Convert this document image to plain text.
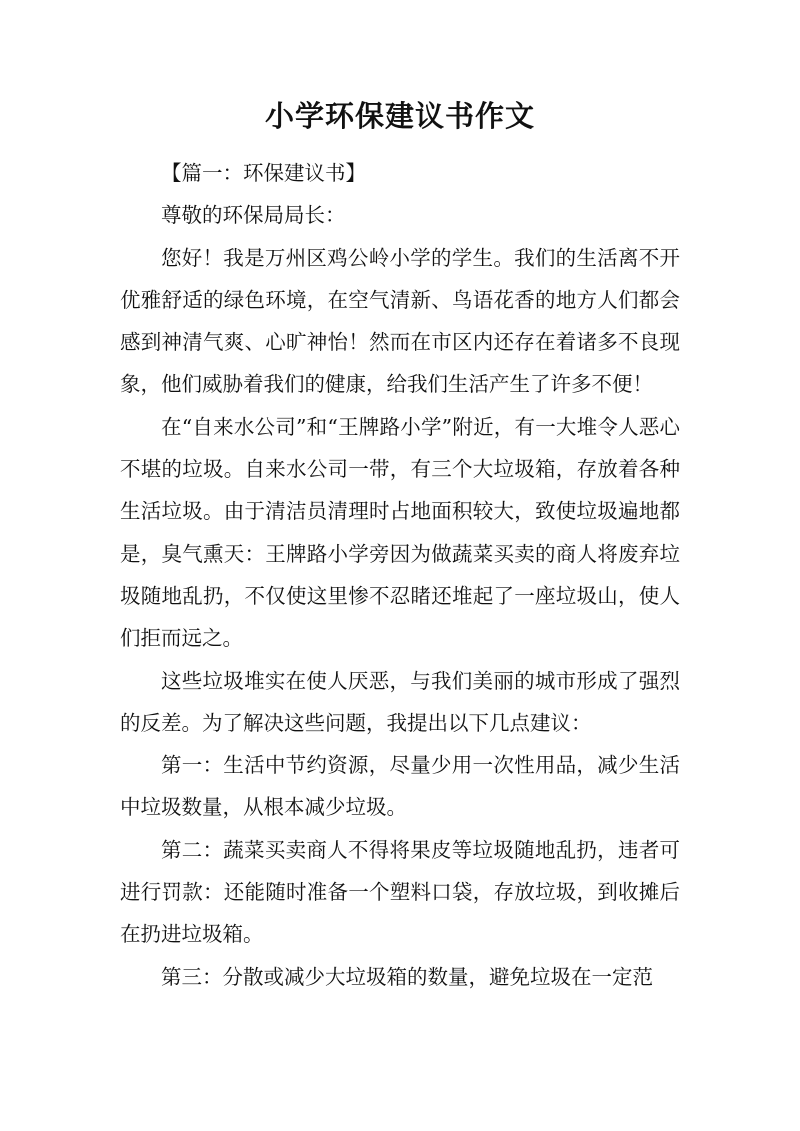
小学环保建议书作文

【篇一：环保建议书】

尊敬的环保局局长：

您好！我是万州区鸡公岭小学的学生。我们的生活离不开优雅舒适的绿色环境，在空气清新、鸟语花香的地方人们都会感到神清气爽、心旷神怡！然而在市区内还存在着诸多不良现象，他们威胁着我们的健康，给我们生活产生了许多不便！

在“自来水公司”和“王牌路小学”附近，有一大堆令人恶心不堪的垃圾。自来水公司一带，有三个大垃圾箱，存放着各种生活垃圾。由于清洁员清理时占地面积较大，致使垃圾遍地都是，臭气熏天：王牌路小学旁因为做蔬菜买卖的商人将废弃垃圾随地乱扔，不仅使这里惨不忍睹还堆起了一座垃圾山，使人们拒而远之。

这些垃圾堆实在使人厌恶，与我们美丽的城市形成了强烈的反差。为了解决这些问题，我提出以下几点建议：

第一：生活中节约资源，尽量少用一次性用品，减少生活中垃圾数量，从根本减少垃圾。

第二：蔬菜买卖商人不得将果皮等垃圾随地乱扔，违者可进行罚款：还能随时准备一个塑料口袋，存放垃圾，到收摊后在扔进垃圾箱。

第三：分散或减少大垃圾箱的数量，避免垃圾在一定范
